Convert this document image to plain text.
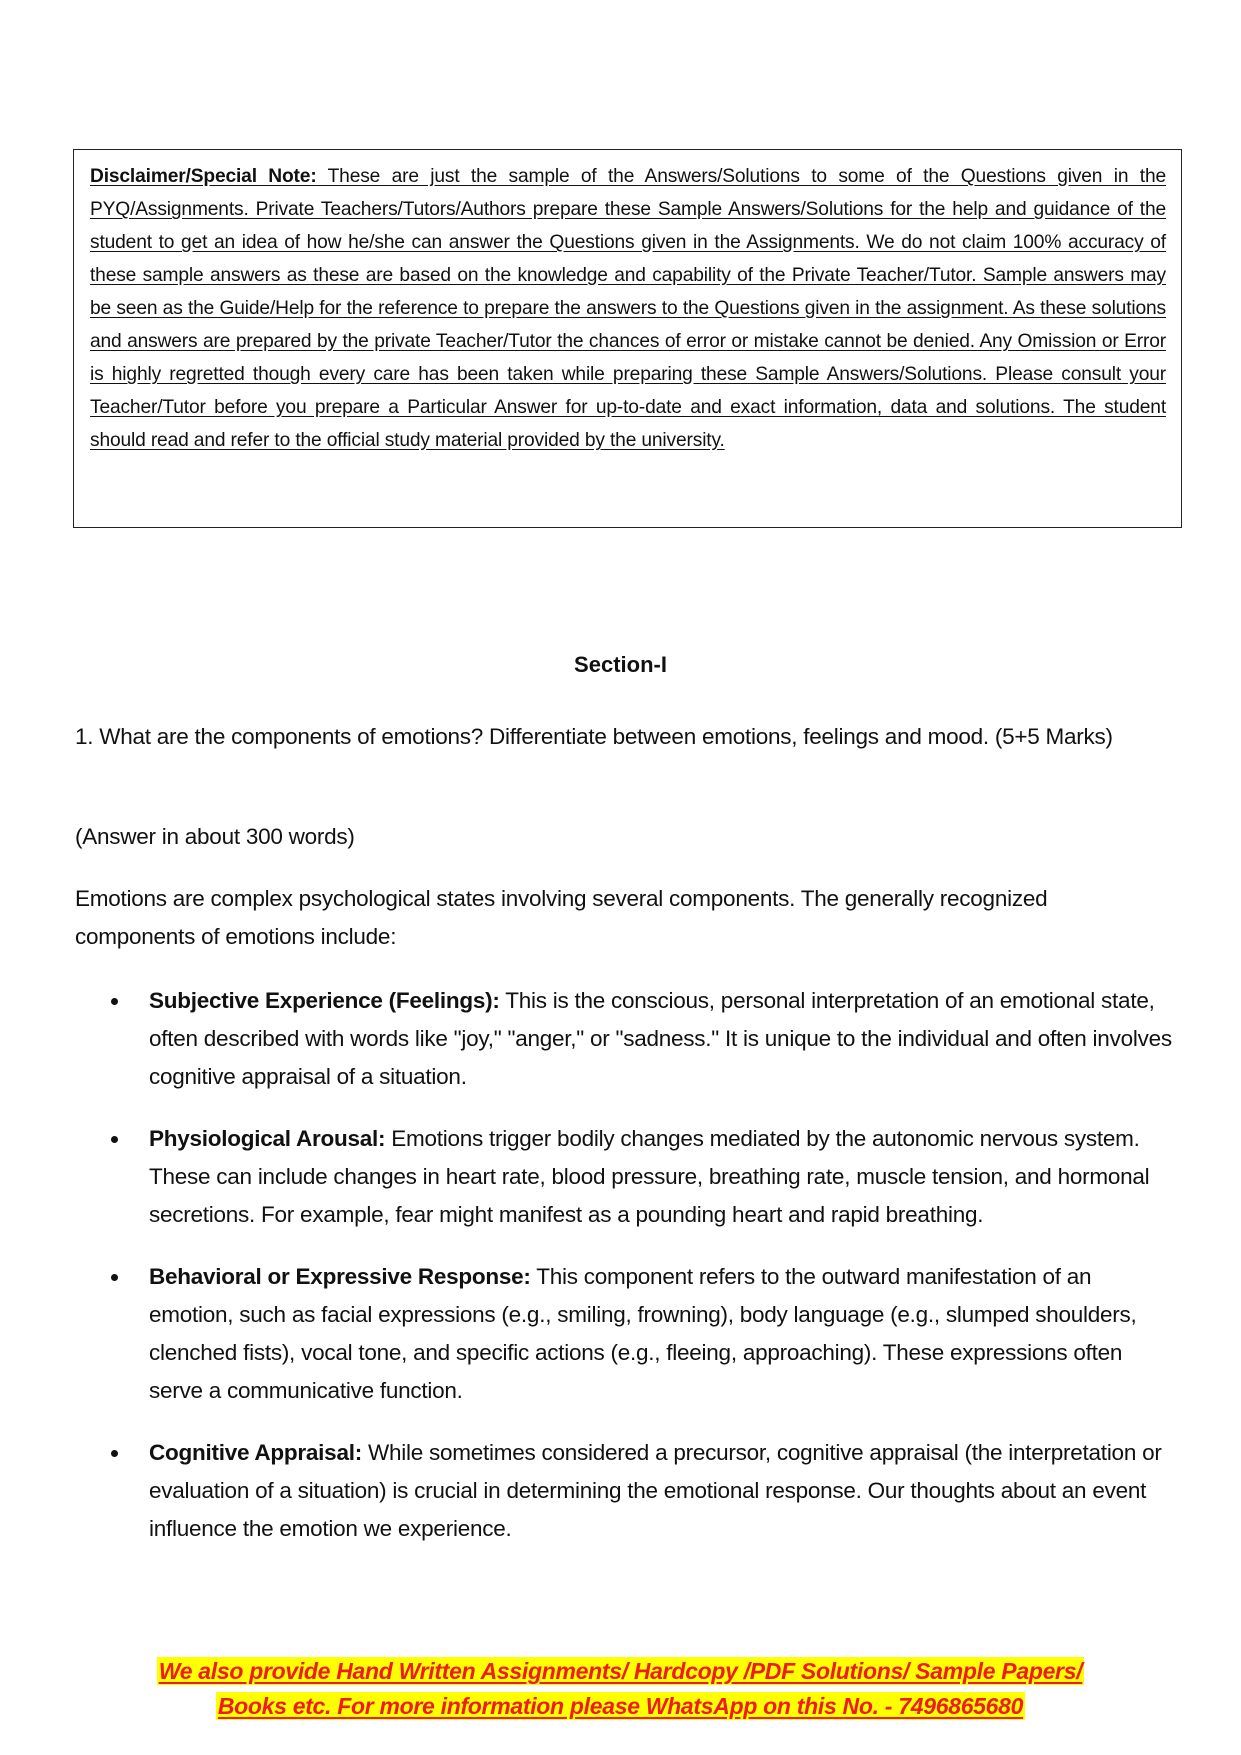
Disclaimer/Special Note: These are just the sample of the Answers/Solutions to some of the Questions given in the PYQ/Assignments. Private Teachers/Tutors/Authors prepare these Sample Answers/Solutions for the help and guidance of the student to get an idea of how he/she can answer the Questions given in the Assignments. We do not claim 100% accuracy of these sample answers as these are based on the knowledge and capability of the Private Teacher/Tutor. Sample answers may be seen as the Guide/Help for the reference to prepare the answers to the Questions given in the assignment. As these solutions and answers are prepared by the private Teacher/Tutor the chances of error or mistake cannot be denied. Any Omission or Error is highly regretted though every care has been taken while preparing these Sample Answers/Solutions. Please consult your Teacher/Tutor before you prepare a Particular Answer for up-to-date and exact information, data and solutions. The student should read and refer to the official study material provided by the university.
Section-I
1. What are the components of emotions? Differentiate between emotions, feelings and mood. (5+5 Marks)
(Answer in about 300 words)
Emotions are complex psychological states involving several components. The generally recognized components of emotions include:
Subjective Experience (Feelings): This is the conscious, personal interpretation of an emotional state, often described with words like "joy," "anger," or "sadness." It is unique to the individual and often involves cognitive appraisal of a situation.
Physiological Arousal: Emotions trigger bodily changes mediated by the autonomic nervous system. These can include changes in heart rate, blood pressure, breathing rate, muscle tension, and hormonal secretions. For example, fear might manifest as a pounding heart and rapid breathing.
Behavioral or Expressive Response: This component refers to the outward manifestation of an emotion, such as facial expressions (e.g., smiling, frowning), body language (e.g., slumped shoulders, clenched fists), vocal tone, and specific actions (e.g., fleeing, approaching). These expressions often serve a communicative function.
Cognitive Appraisal: While sometimes considered a precursor, cognitive appraisal (the interpretation or evaluation of a situation) is crucial in determining the emotional response. Our thoughts about an event influence the emotion we experience.
We also provide Hand Written Assignments/ Hardcopy /PDF Solutions/ Sample Papers/
Books etc. For more information please WhatsApp on this No. - 7496865680
